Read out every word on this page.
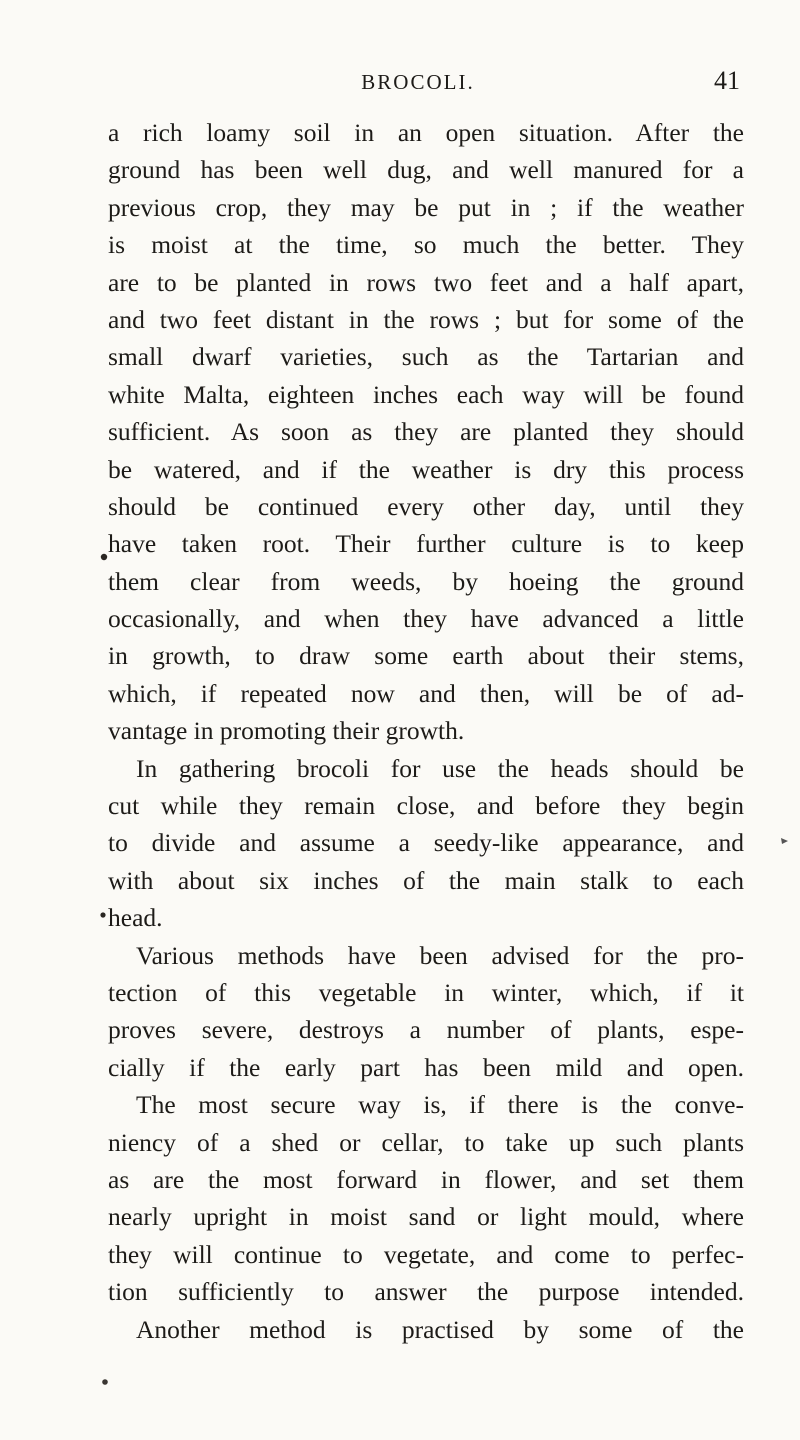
BROCOLI.	41
a rich loamy soil in an open situation. After the
ground has been well dug, and well manured for a
previous crop, they may be put in ; if the weather
is moist at the time, so much the better. They
are to be planted in rows two feet and a half apart,
and two feet distant in the rows ; but for some of the
small dwarf varieties, such as the Tartarian and
white Malta, eighteen inches each way will be found
sufficient. As soon as they are planted they should
be watered, and if the weather is dry this process
should be continued every other day, until they
have taken root. Their further culture is to keep
them clear from weeds, by hoeing the ground
occasionally, and when they have advanced a little
in growth, to draw some earth about their stems,
which, if repeated now and then, will be of ad-
vantage in promoting their growth.
In gathering brocoli for use the heads should be
cut while they remain close, and before they begin
to divide and assume a seedy-like appearance, and
with about six inches of the main stalk to each
head.
Various methods have been advised for the pro-
tection of this vegetable in winter, which, if it
proves severe, destroys a number of plants, espe-
cially if the early part has been mild and open.
The most secure way is, if there is the conve-
niency of a shed or cellar, to take up such plants
as are the most forward in flower, and set them
nearly upright in moist sand or light mould, where
they will continue to vegetate, and come to perfec-
tion sufficiently to answer the purpose intended.
Another method is practised by some of the
